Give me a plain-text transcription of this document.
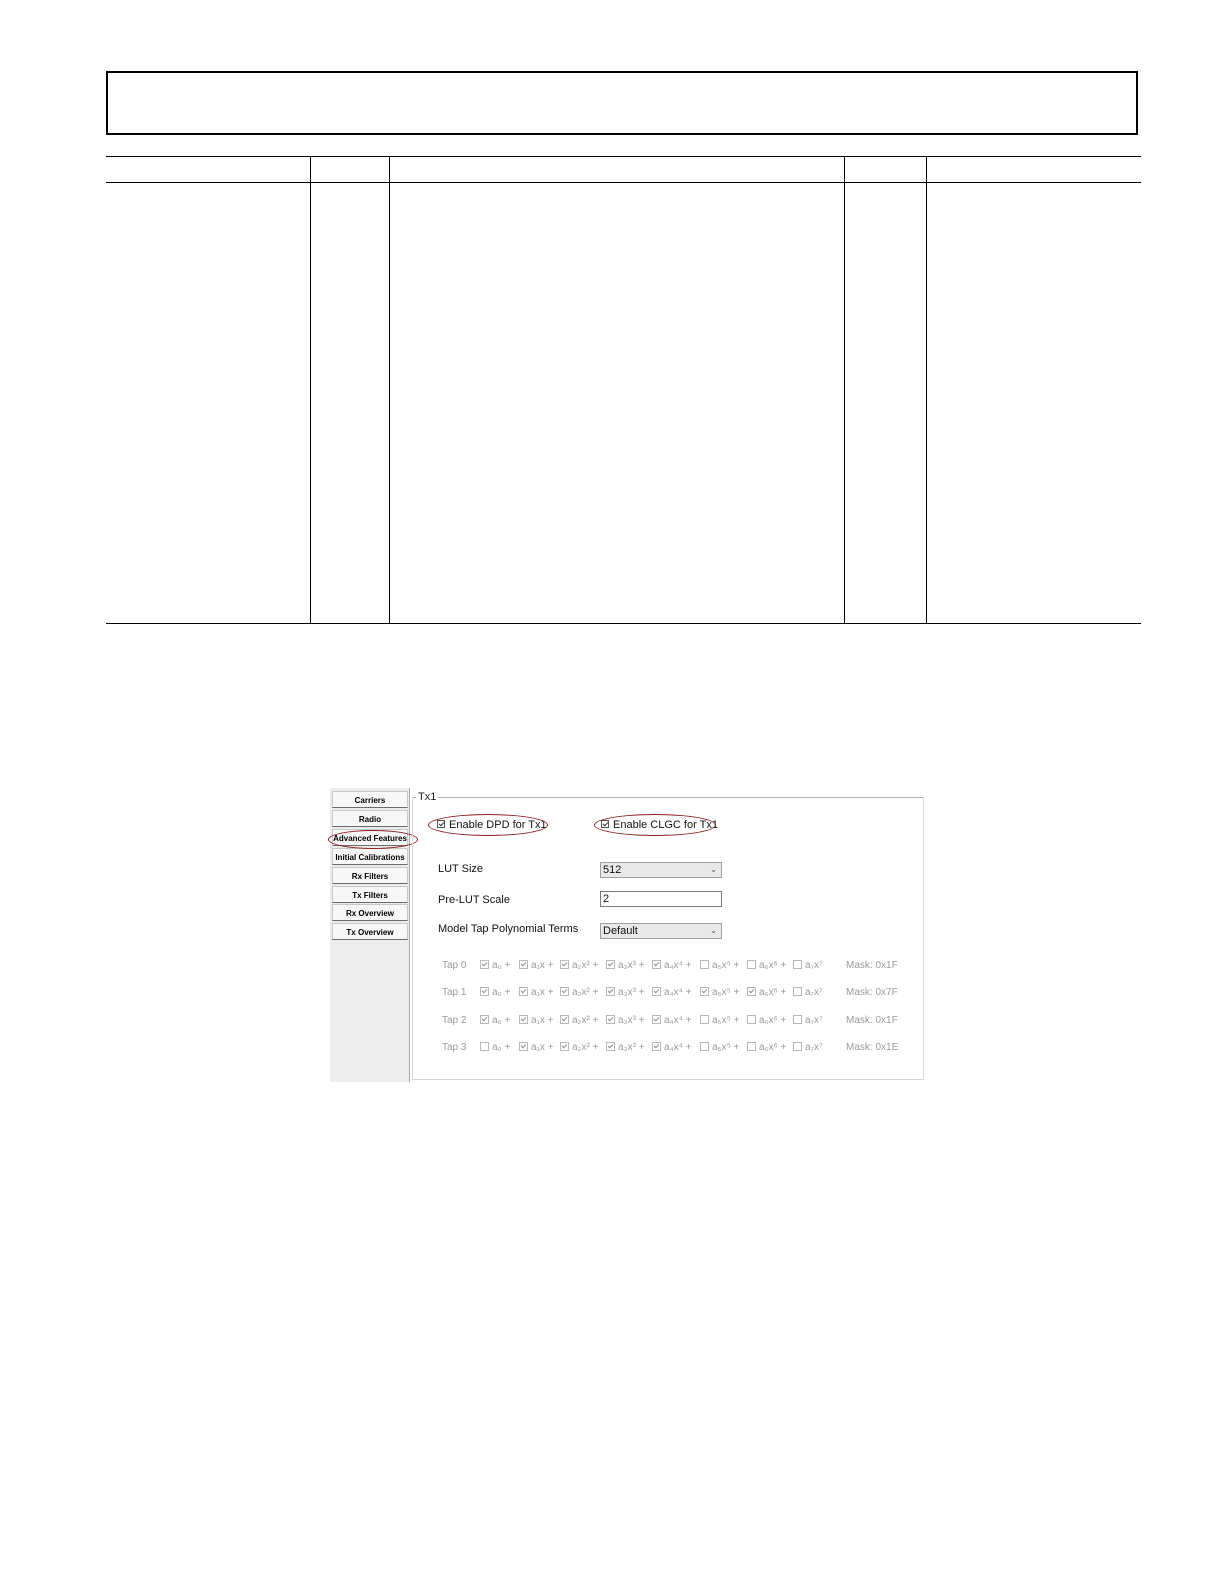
Carriers
Radio
Advanced Features
Initial Calibrations
Rx Filters
Tx Filters
Rx Overview
Tx Overview
Tx1
Enable DPD for Tx1	Enable CLGC for Tx1
LUT Size	512	⌄
Pre-LUT Scale	2
Model Tap Polynomial Terms Default	⌄
Tap 0	a₀ +	a₁x +	a₂x² +	a₃x³ +	a₄x⁴ +	a₅x⁵ +	a₆x⁶ +	a₇x⁷ Mask: 0x1F
Tap 1	a₀ +	a₁x +	a₂x² +	a₃x³ +	a₄x⁴ +	a₅x⁵ +	a₆x⁶ +	a₇x⁷ Mask: 0x7F
Tap 2	a₀ +	a₁x +	a₂x² +	a₃x³ +	a₄x⁴ +	a₅x⁵ +	a₆x⁶ +	a₇x⁷ Mask: 0x1F
Tap 3	a₀ +	a₁x +	a₂x² +	a₃x³ +	a₄x⁴ +	a₅x⁵ +	a₆x⁶ +	a₇x⁷ Mask: 0x1E
